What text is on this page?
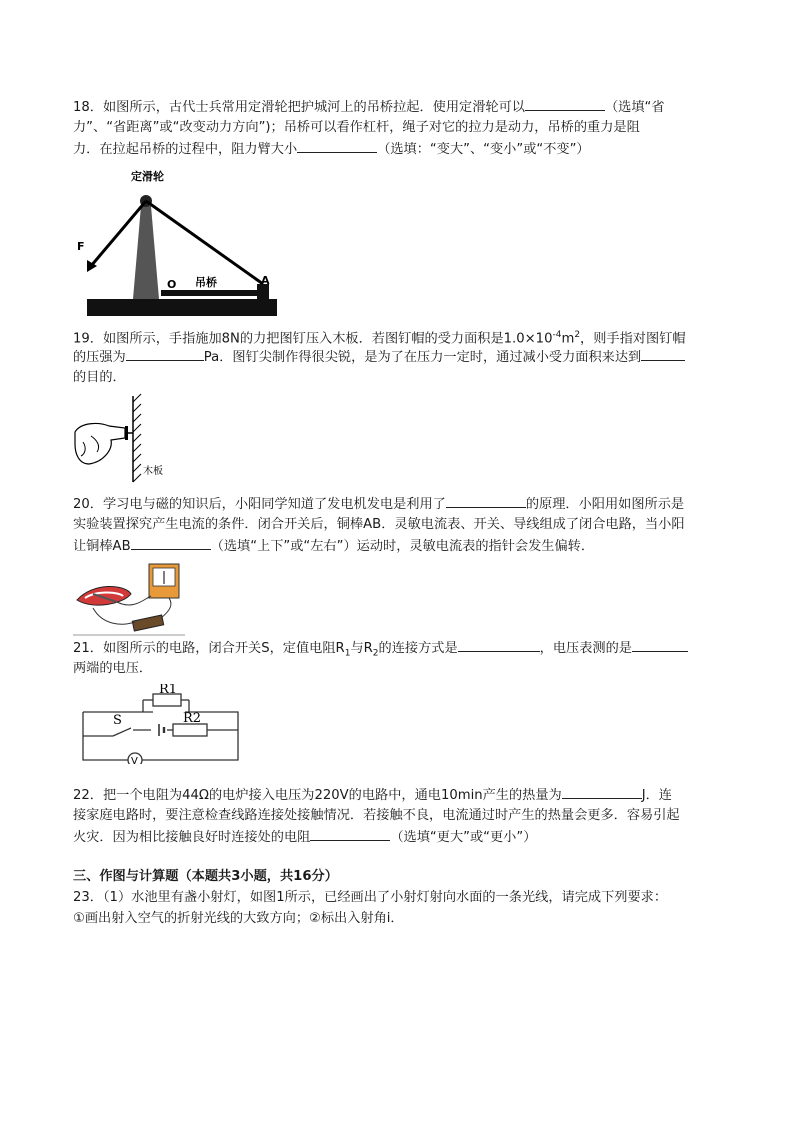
18．如图所示，古代士兵常用定滑轮把护城河上的吊桥拉起．使用定滑轮可以	（选填“省
力”、“省距离”或“改变动力方向”)；吊桥可以看作杠杆，绳子对它的拉力是动力，吊桥的重力是阻
力．在拉起吊桥的过程中，阻力臂大小	（选填：“变大”、“变小”或“不变”）
定滑轮
F
O 吊桥	A
19．如图所示，手指施加8N的力把图钉压入木板．若图钉帽的受力面积是$1.0\times 10^{-4}m^2$，则手指对图钉帽
的压强为	Pa．图钉尖制作得很尖锐，是为了在压力一定时，通过减小受力面积来达到
的目的．
木板
20．学习电与磁的知识后，小阳同学知道了发电机发电是利用了	的原理．小阳用如图所示是
实验装置探究产生电流的条件．闭合开关后，铜棒AB．灵敏电流表、开关、导线组成了闭合电路，当小阳
让铜棒AB	（选填“上下”或“左右”）运动时，灵敏电流表的指针会发生偏转．
21．如图所示的电路，闭合开关S，定值电阻$R_1$与$R_2$的连接方式是	，电压表测的是
两端的电压．
V
R1
R2
S
22．把一个电阻为44Ω的电炉接入电压为220V的电路中，通电10min产生的热量为	J．连
接家庭电路时，要注意检查线路连接处接触情况．若接触不良，电流通过时产生的热量会更多．容易引起
火灾．因为相比接触良好时连接处的电阻	（选填“更大”或“更小”）
三、作图与计算题（本题共3小题，共16分）
23．（1）水池里有盏小射灯，如图1所示，已经画出了小射灯射向水面的一条光线，请完成下列要求：
①画出射入空气的折射光线的大致方向；②标出入射角i．
